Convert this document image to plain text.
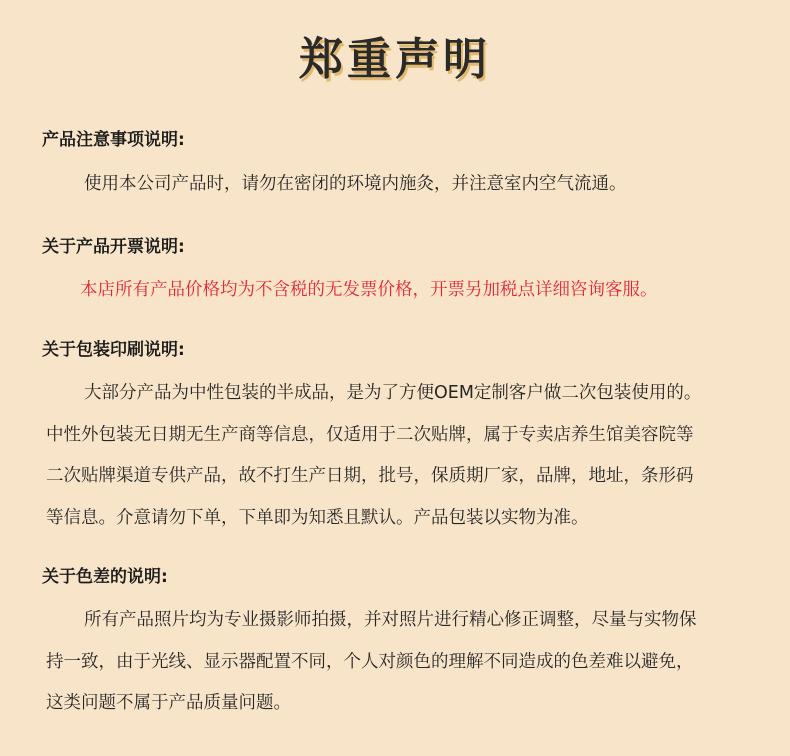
郑重声明
产品注意事项说明:
使用本公司产品时，请勿在密闭的环境内施灸，并注意室内空气流通。
关于产品开票说明:
本店所有产品价格均为不含税的无发票价格，开票另加税点详细咨询客服。
关于包装印刷说明:
大部分产品为中性包装的半成品，是为了方便OEM定制客户做二次包装使用的。
中性外包装无日期无生产商等信息，仅适用于二次贴牌，属于专卖店养生馆美容院等
二次贴牌渠道专供产品，故不打生产日期，批号，保质期厂家，品牌，地址，条形码
等信息。介意请勿下单，下单即为知悉且默认。产品包装以实物为准。
关于色差的说明:
所有产品照片均为专业摄影师拍摄，并对照片进行精心修正调整，尽量与实物保
持一致，由于光线、显示器配置不同，个人对颜色的理解不同造成的色差难以避免，
这类问题不属于产品质量问题。
